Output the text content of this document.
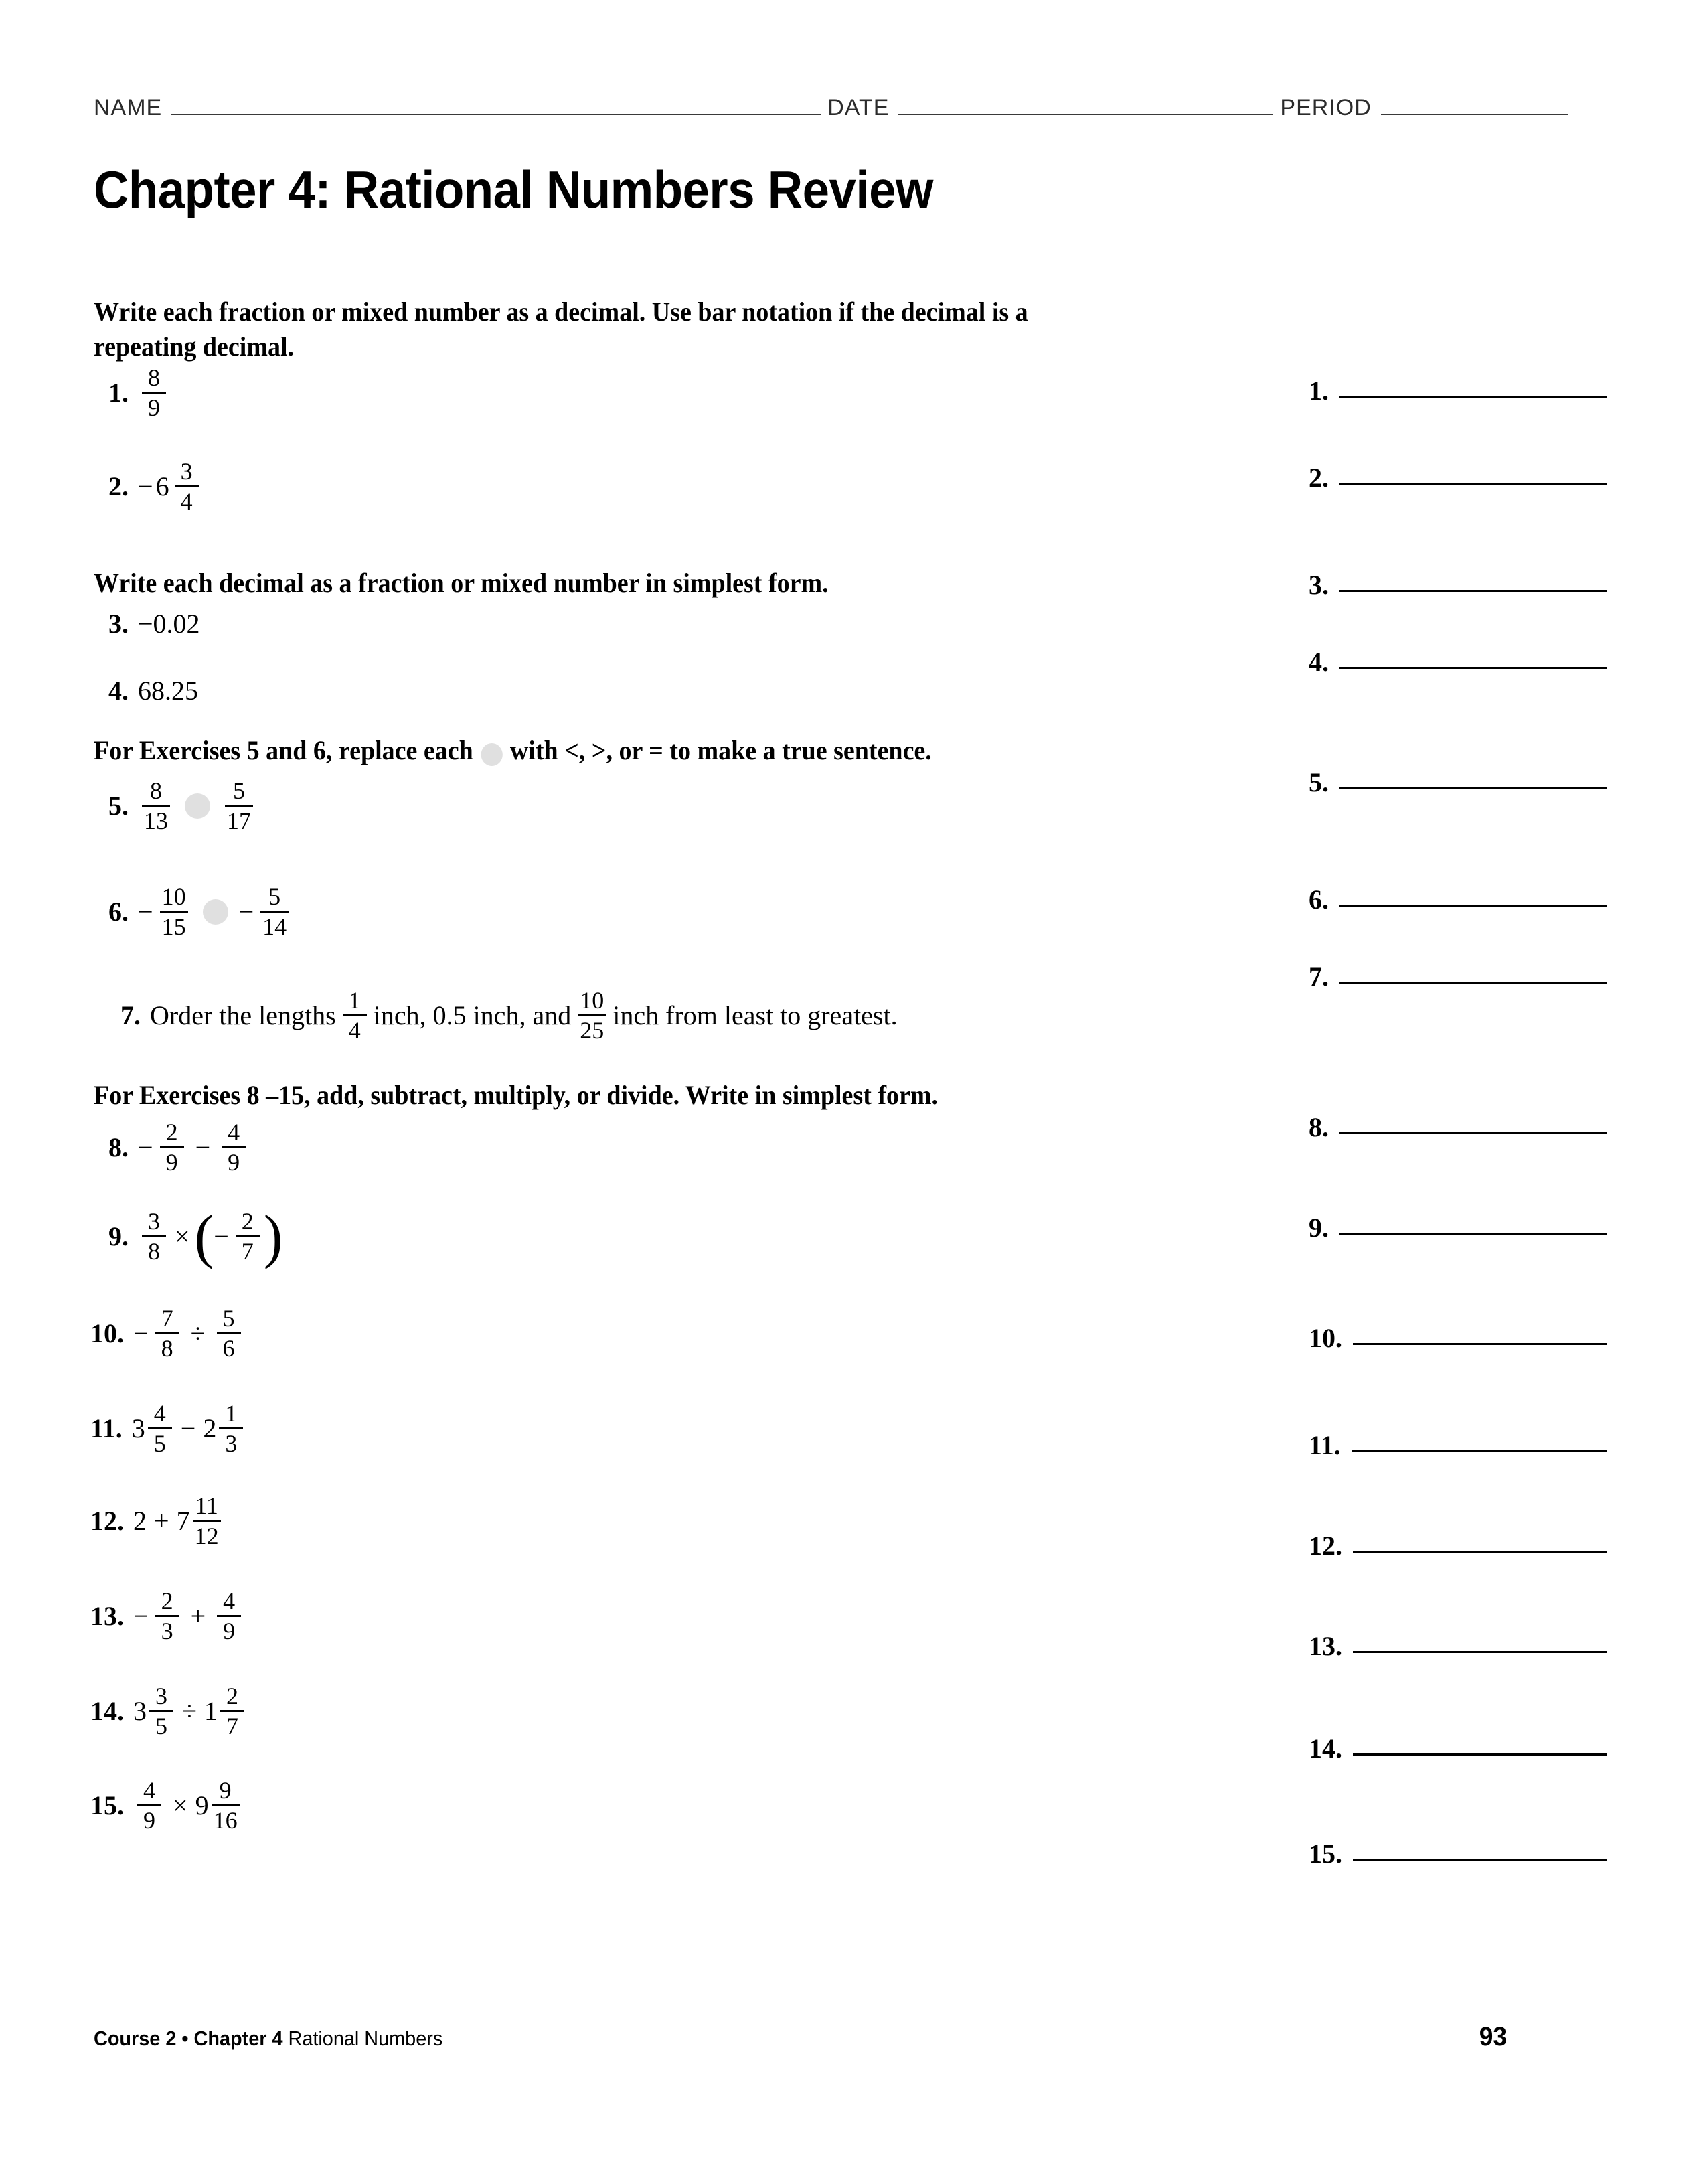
NAME	DATE	PERIOD
Chapter 4: Rational Numbers Review
Write each fraction or mixed number as a decimal. Use bar notation if the decimal is a repeating decimal.
1. $\frac{8}{9}$
2. − $6 \frac{3}{4}$
Write each decimal as a fraction or mixed number in simplest form.
3. −0.02
4. 68.25
For Exercises 5 and 6, replace each with <, >, or = to make a true sentence.
5. $\frac{8}{13} \frac{5}{17}$
6. − $\frac{10}{15} - \frac{5}{14}$
7. Order the lengths $\frac{1}{4}$ inch, 0.5 inch, and $\frac{10}{25}$ inch from least to greatest.
For Exercises 8 –15, add, subtract, multiply, or divide. Write in simplest form.
8. − $\frac{2}{9} - \frac{4}{9}$
9. $\frac{3}{8}$ × ( − $\frac{2}{7}$ )
10. − $\frac{7}{8} \div \frac{5}{6}$
11. $3 \frac{4}{5} - 2 \frac{1}{3}$
12. $2 + 7 \frac{11}{12}$
13. − $\frac{2}{3} + \frac{4}{9}$
14. $3 \frac{3}{5} \div 1 \frac{2}{7}$
15. $\frac{4}{9} \times 9 \frac{9}{16}$
1.
2.
3.
4.
5.
6.
7.
8.
9.
10.
11.
12.
13.
14.
15.
Course 2 • Chapter 4 Rational Numbers	93
